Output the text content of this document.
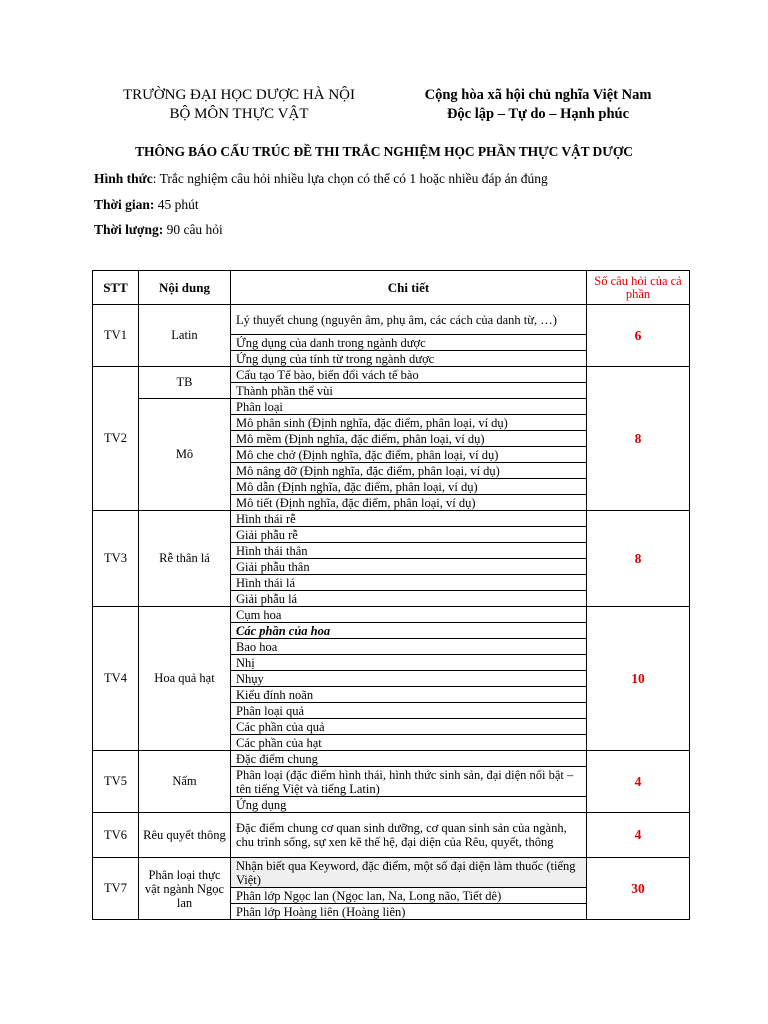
TRƯỜNG ĐẠI HỌC DƯỢC HÀ NỘI
BỘ MÔN THỰC VẬT
Cộng hòa xã hội chủ nghĩa Việt Nam
Độc lập – Tự do – Hạnh phúc
THÔNG BÁO CẤU TRÚC ĐỀ THI TRẮC NGHIỆM HỌC PHẦN THỰC VẬT DƯỢC
Hình thức: Trắc nghiệm câu hỏi nhiều lựa chọn có thể có 1 hoặc nhiều đáp án đúng
Thời gian: 45 phút
Thời lượng: 90 câu hỏi
STT	Nội dung	Chi tiết	Số câu hỏi của cả phần
TV1	Latin	Lý thuyết chung (nguyên âm, phụ âm, các cách của danh từ, …)	6
		Ứng dụng của danh trong ngành dược	
		Ứng dụng của tính từ trong ngành dược	
TV2	TB	Cấu tạo Tế bào, biến đổi vách tế bào	8
		Thành phần thể vùi	
	Mô	Phân loại	
		Mô phân sinh (Định nghĩa, đặc điểm, phân loại, ví dụ)	
		Mô mềm (Định nghĩa, đặc điểm, phân loại, ví dụ)	
		Mô che chở (Định nghĩa, đặc điểm, phân loại, ví dụ)	
		Mô nâng đỡ (Định nghĩa, đặc điểm, phân loại, ví dụ)	
		Mô dẫn (Định nghĩa, đặc điểm, phân loại, ví dụ)	
		Mô tiết (Định nghĩa, đặc điểm, phân loại, ví dụ)	
TV3	Rễ thân lá	Hình thái rễ	8
		Giải phẫu rễ	
		Hình thái thân	
		Giải phẫu thân	
		Hình thái lá	
		Giải phẫu lá	
TV4	Hoa quả hạt	Cụm hoa	10
		Các phần của hoa	
		Bao hoa	
		Nhị	
		Nhụy	
		Kiểu đính noãn	
		Phân loại quả	
		Các phần của quả	
		Các phần của hạt	
TV5	Nấm	Đặc điểm chung	4
		Phân loại (đặc điểm hình thái, hình thức sinh sản, đại diện nổi bật – tên tiếng Việt và tiếng Latin)	
		Ứng dụng	
TV6	Rêu quyết thông	Đặc điểm chung cơ quan sinh dưỡng, cơ quan sinh sản của ngành, chu trình sống, sự xen kẽ thế hệ, đại diện của Rêu, quyết, thông	4
TV7	Phân loại thực vật ngành Ngọc lan	Nhận biết qua Keyword, đặc điểm, một số đại diện làm thuốc (tiếng Việt)	30
		Phân lớp Ngọc lan (Ngọc lan, Na, Long não, Tiết dê)	
		Phân lớp Hoàng liên (Hoàng liên)	
